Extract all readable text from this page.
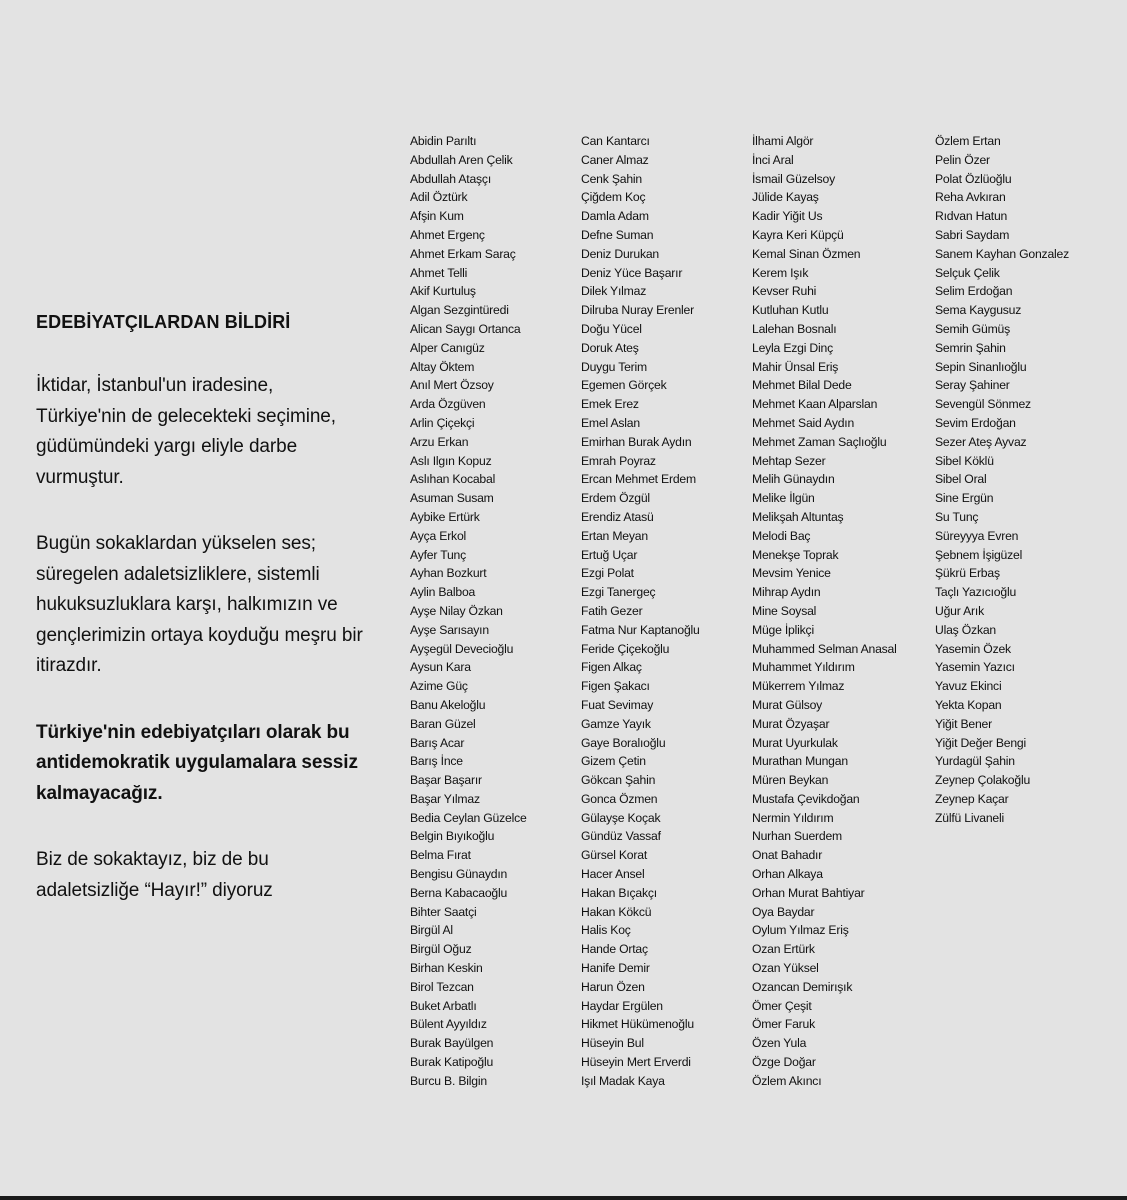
EDEBİYATÇILARDAN BİLDİRİ

İktidar, İstanbul'un iradesine, Türkiye'nin de gelecekteki seçimine, güdümündeki yargı eliyle darbe vurmuştur.

Bugün sokaklardan yükselen ses; süregelen adaletsizliklere, sistemli hukuksuzluklara karşı, halkımızın ve gençlerimizin ortaya koyduğu meşru bir itirazdır.

Türkiye'nin edebiyatçıları olarak bu antidemokratik uygulamalara sessiz kalmayacağız.

Biz de sokaktayız, biz de bu adaletsizliğe “Hayır!” diyoruz

Abidin Parıltı
Abdullah Aren Çelik
Abdullah Ataşçı
Adil Öztürk
Afşin Kum
Ahmet Ergenç
Ahmet Erkam Saraç
Ahmet Telli
Akif Kurtuluş
Algan Sezgintüredi
Alican Saygı Ortanca
Alper Canıgüz
Altay Öktem
Anıl Mert Özsoy
Arda Özgüven
Arlin Çiçekçi
Arzu Erkan
Aslı Ilgın Kopuz
Aslıhan Kocabal
Asuman Susam
Aybike Ertürk
Ayça Erkol
Ayfer Tunç
Ayhan Bozkurt
Aylin Balboa
Ayşe Nilay Özkan
Ayşe Sarısayın
Ayşegül Devecioğlu
Aysun Kara
Azime Güç
Banu Akeloğlu
Baran Güzel
Barış Acar
Barış İnce
Başar Başarır
Başar Yılmaz
Bedia Ceylan Güzelce
Belgin Bıyıkoğlu
Belma Fırat
Bengisu Günaydın
Berna Kabacaoğlu
Bihter Saatçi
Birgül Al
Birgül Oğuz
Birhan Keskin
Birol Tezcan
Buket Arbatlı
Bülent Ayyıldız
Burak Bayülgen
Burak Katipoğlu
Burcu B. Bilgin
Can Kantarcı
Caner Almaz
Cenk Şahin
Çiğdem Koç
Damla Adam
Defne Suman
Deniz Durukan
Deniz Yüce Başarır
Dilek Yılmaz
Dilruba Nuray Erenler
Doğu Yücel
Doruk Ateş
Duygu Terim
Egemen Görçek
Emek Erez
Emel Aslan
Emirhan Burak Aydın
Emrah Poyraz
Ercan Mehmet Erdem
Erdem Özgül
Erendiz Atasü
Ertan Meyan
Ertuğ Uçar
Ezgi Polat
Ezgi Tanergeç
Fatih Gezer
Fatma Nur Kaptanoğlu
Feride Çiçekoğlu
Figen Alkaç
Figen Şakacı
Fuat Sevimay
Gamze Yayık
Gaye Boralıoğlu
Gizem Çetin
Gökcan Şahin
Gonca Özmen
Gülayşe Koçak
Gündüz Vassaf
Gürsel Korat
Hacer Ansel
Hakan Bıçakçı
Hakan Kökcü
Halis Koç
Hande Ortaç
Hanife Demir
Harun Özen
Haydar Ergülen
Hikmet Hükümenoğlu
Hüseyin Bul
Hüseyin Mert Erverdi
Işıl Madak Kaya
İlhami Algör
İnci Aral
İsmail Güzelsoy
Jülide Kayaş
Kadir Yiğit Us
Kayra Keri Küpçü
Kemal Sinan Özmen
Kerem Işık
Kevser Ruhi
Kutluhan Kutlu
Lalehan Bosnalı
Leyla Ezgi Dinç
Mahir Ünsal Eriş
Mehmet Bilal Dede
Mehmet Kaan Alparslan
Mehmet Said Aydın
Mehmet Zaman Saçlıoğlu
Mehtap Sezer
Melih Günaydın
Melike İlgün
Melikşah Altuntaş
Melodi Baç
Menekşe Toprak
Mevsim Yenice
Mihrap Aydın
Mine Soysal
Müge İplikçi
Muhammed Selman Anasal
Muhammet Yıldırım
Mükerrem Yılmaz
Murat Gülsoy
Murat Özyaşar
Murat Uyurkulak
Murathan Mungan
Müren Beykan
Mustafa Çevikdoğan
Nermin Yıldırım
Nurhan Suerdem
Onat Bahadır
Orhan Alkaya
Orhan Murat Bahtiyar
Oya Baydar
Oylum Yılmaz Eriş
Ozan Ertürk
Ozan Yüksel
Ozancan Demirışık
Ömer Çeşit
Ömer Faruk
Özen Yula
Özge Doğar
Özlem Akıncı
Özlem Ertan
Pelin Özer
Polat Özlüoğlu
Reha Avkıran
Rıdvan Hatun
Sabri Saydam
Sanem Kayhan Gonzalez
Selçuk Çelik
Selim Erdoğan
Sema Kaygusuz
Semih Gümüş
Semrin Şahin
Sepin Sinanlıoğlu
Seray Şahiner
Sevengül Sönmez
Sevim Erdoğan
Sezer Ateş Ayvaz
Sibel Köklü
Sibel Oral
Sine Ergün
Su Tunç
Süreyyya Evren
Şebnem İşigüzel
Şükrü Erbaş
Taçlı Yazıcıoğlu
Uğur Arık
Ulaş Özkan
Yasemin Özek
Yasemin Yazıcı
Yavuz Ekinci
Yekta Kopan
Yiğit Bener
Yiğit Değer Bengi
Yurdagül Şahin
Zeynep Çolakoğlu
Zeynep Kaçar
Zülfü Livaneli
